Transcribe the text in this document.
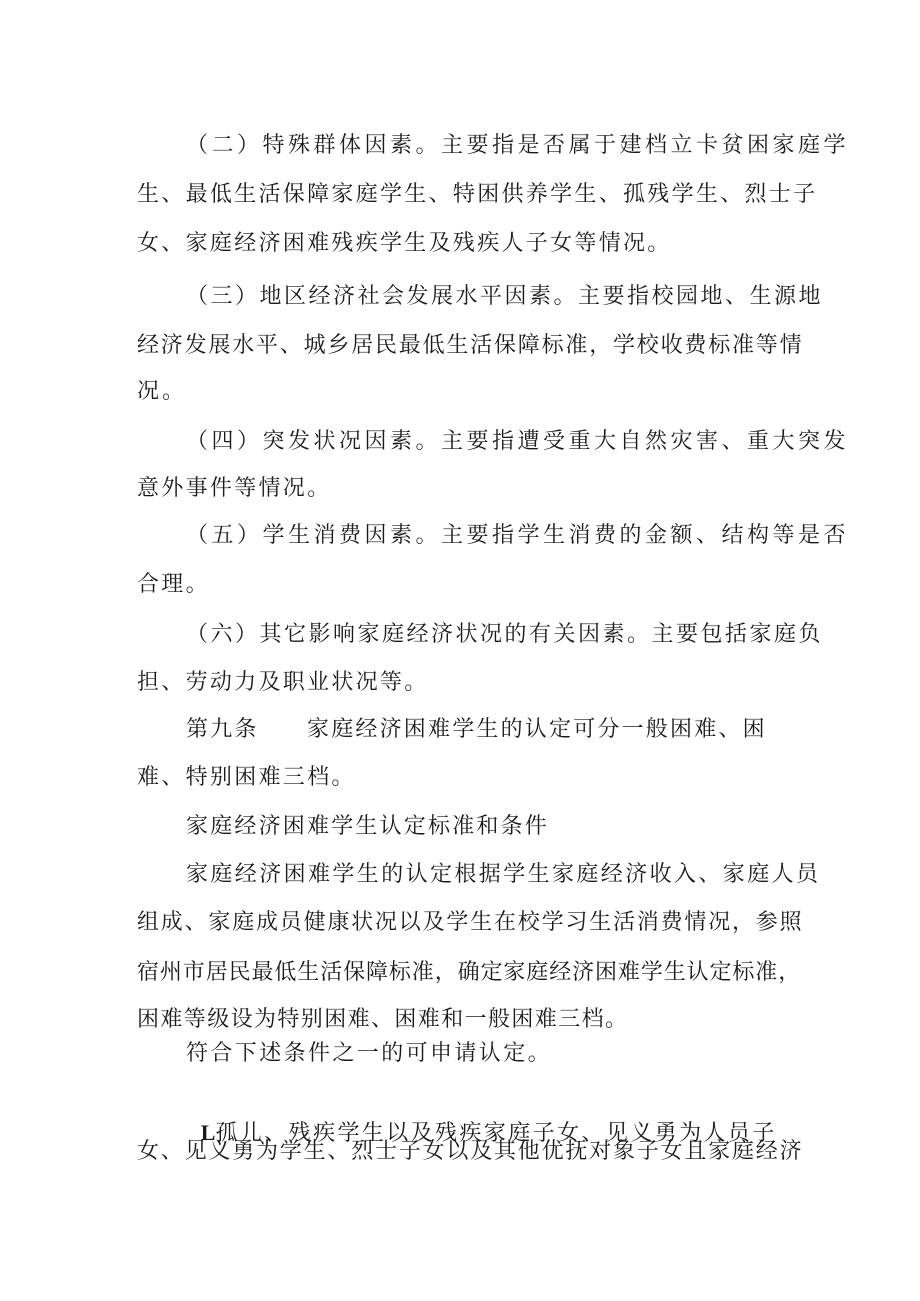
（二）特殊群体因素。主要指是否属于建档立卡贫困家庭学
生、最低生活保障家庭学生、特困供养学生、孤残学生、烈士子
女、家庭经济困难残疾学生及残疾人子女等情况。
（三）地区经济社会发展水平因素。主要指校园地、生源地
经济发展水平、城乡居民最低生活保障标准，学校收费标准等情
况。
（四）突发状况因素。主要指遭受重大自然灾害、重大突发
意外事件等情况。
（五）学生消费因素。主要指学生消费的金额、结构等是否
合理。
（六）其它影响家庭经济状况的有关因素。主要包括家庭负
担、劳动力及职业状况等。
第九条　　家庭经济困难学生的认定可分一般困难、困
难、特别困难三档。
家庭经济困难学生认定标准和条件
家庭经济困难学生的认定根据学生家庭经济收入、家庭人员
组成、家庭成员健康状况以及学生在校学习生活消费情况，参照
宿州市居民最低生活保障标准，确定家庭经济困难学生认定标准，
困难等级设为特别困难、困难和一般困难三档。
符合下述条件之一的可申请认定。

L孤儿、残疾学生以及残疾家庭子女、见义勇为人员子

女、见义勇为学生、烈士子女以及其他优抚对象子女且家庭经济
